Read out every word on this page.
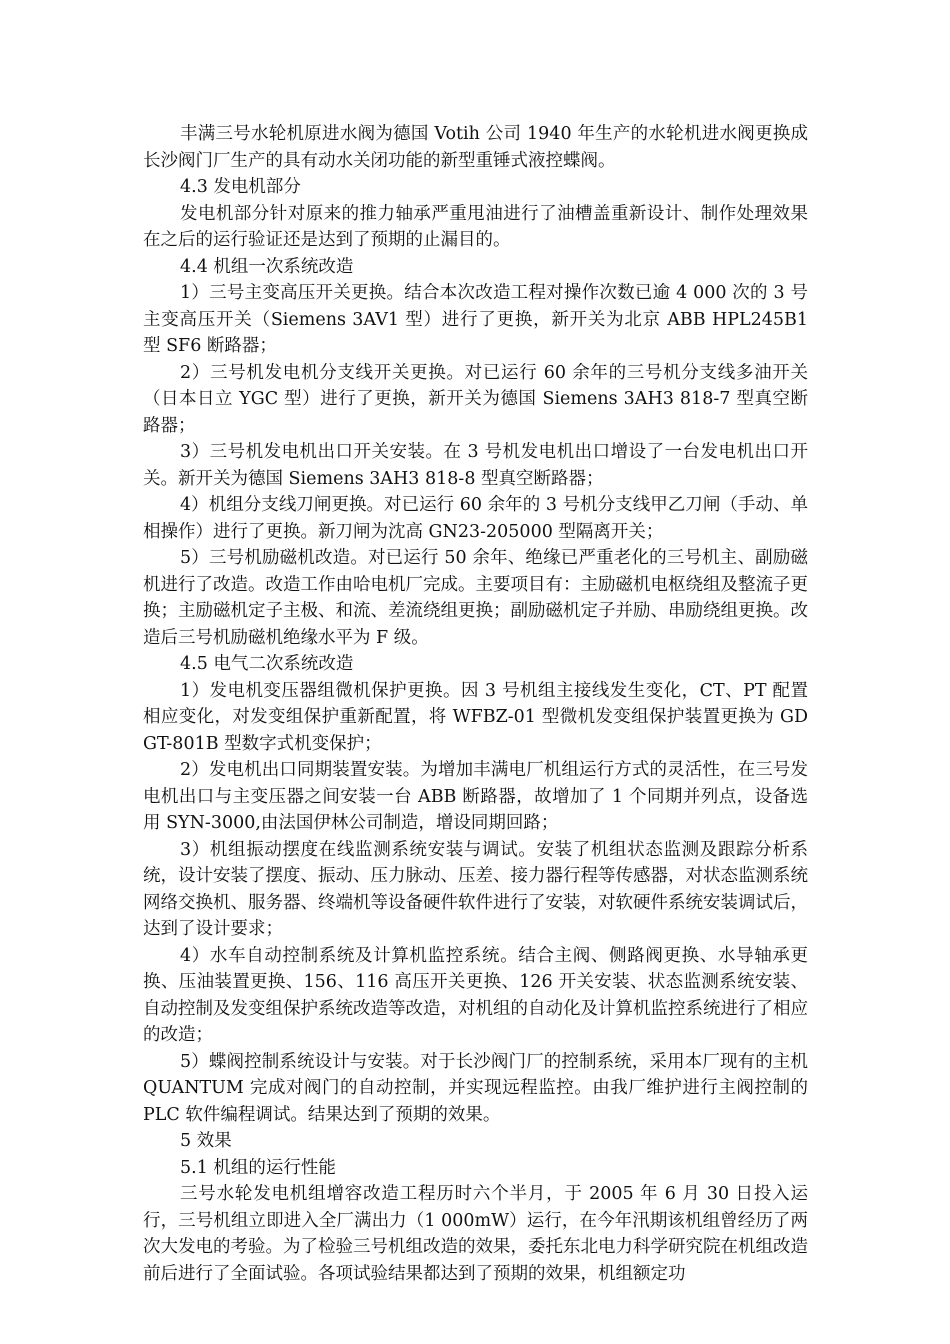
丰满三号水轮机原进水阀为德国 Votih 公司 1940 年生产的水轮机进水阀更换成长沙阀门厂生产的具有动水关闭功能的新型重锤式液控蝶阀。

4.3 发电机部分

发电机部分针对原来的推力轴承严重甩油进行了油槽盖重新设计、制作处理效果在之后的运行验证还是达到了预期的止漏目的。

4.4 机组一次系统改造

1）三号主变高压开关更换。结合本次改造工程对操作次数已逾 4 000 次的 3 号主变高压开关（Siemens 3AV1 型）进行了更换，新开关为北京 ABB HPL245B1 型 SF6 断路器；

2）三号机发电机分支线开关更换。对已运行 60 余年的三号机分支线多油开关（日本日立 YGC 型）进行了更换，新开关为德国 Siemens 3AH3 818-7 型真空断路器；

3）三号机发电机出口开关安装。在 3 号机发电机出口增设了一台发电机出口开关。新开关为德国 Siemens 3AH3 818-8 型真空断路器；

4）机组分支线刀闸更换。对已运行 60 余年的 3 号机分支线甲乙刀闸（手动、单相操作）进行了更换。新刀闸为沈高 GN23-205000 型隔离开关；

5）三号机励磁机改造。对已运行 50 余年、绝缘已严重老化的三号机主、副励磁机进行了改造。改造工作由哈电机厂完成。主要项目有：主励磁机电枢绕组及整流子更换；主励磁机定子主极、和流、差流绕组更换；副励磁机定子并励、串励绕组更换。改造后三号机励磁机绝缘水平为 F 级。

4.5 电气二次系统改造

1）发电机变压器组微机保护更换。因 3 号机组主接线发生变化，CT、PT 配置相应变化，对发变组保护重新配置，将 WFBZ-01 型微机发变组保护装置更换为 GDGT-801B 型数字式机变保护；

2）发电机出口同期装置安装。为增加丰满电厂机组运行方式的灵活性，在三号发电机出口与主变压器之间安装一台 ABB 断路器，故增加了 1 个同期并列点，设备选用 SYN-3000,由法国伊林公司制造，增设同期回路；

3）机组振动摆度在线监测系统安装与调试。安装了机组状态监测及跟踪分析系统，设计安装了摆度、振动、压力脉动、压差、接力器行程等传感器，对状态监测系统网络交换机、服务器、终端机等设备硬件软件进行了安装，对软硬件系统安装调试后，达到了设计要求；

4）水车自动控制系统及计算机监控系统。结合主阀、侧路阀更换、水导轴承更换、压油装置更换、156、116 高压开关更换、126 开关安装、状态监测系统安装、自动控制及发变组保护系统改造等改造，对机组的自动化及计算机监控系统进行了相应的改造；

5）蝶阀控制系统设计与安装。对于长沙阀门厂的控制系统，采用本厂现有的主机 QUANTUM 完成对阀门的自动控制，并实现远程监控。由我厂维护进行主阀控制的 PLC 软件编程调试。结果达到了预期的效果。

5 效果

5.1 机组的运行性能

三号水轮发电机组增容改造工程历时六个半月，于 2005 年 6 月 30 日投入运行，三号机组立即进入全厂满出力（1 000mW）运行，在今年汛期该机组曾经历了两次大发电的考验。为了检验三号机组改造的效果，委托东北电力科学研究院在机组改造前后进行了全面试验。各项试验结果都达到了预期的效果，机组额定功
